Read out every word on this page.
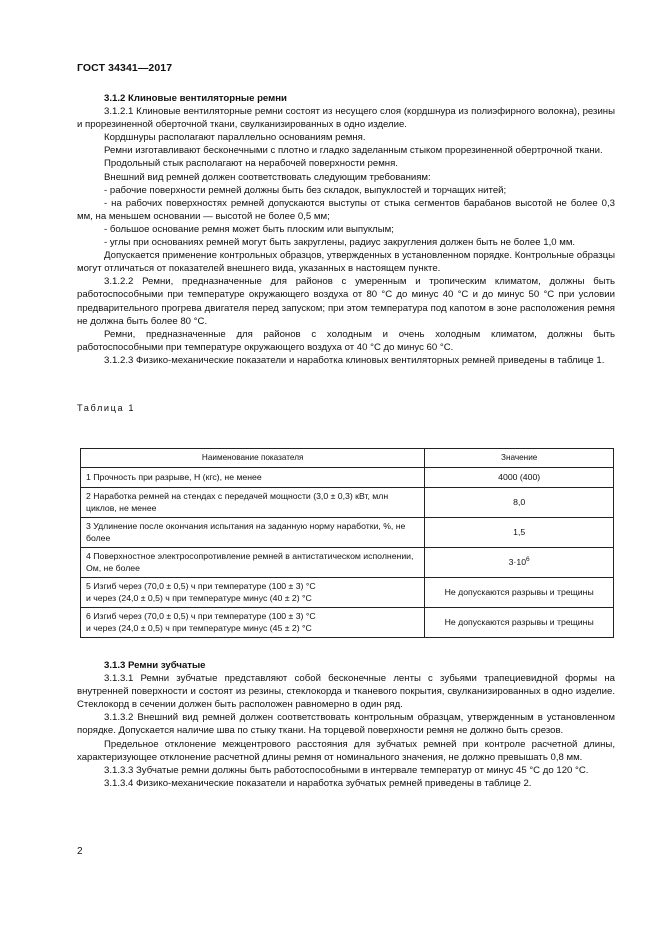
ГОСТ 34341—2017

3.1.2 Клиновые вентиляторные ремни

3.1.2.1 Клиновые вентиляторные ремни состоят из несущего слоя (кордшнура из полиэфирного волокна), резины и прорезиненной оберточной ткани, свулканизированных в одно изделие.

Кордшнуры располагают параллельно основаниям ремня.

Ремни изготавливают бесконечными с плотно и гладко заделанным стыком прорезиненной обертрочной ткани.

Продольный стык располагают на нерабочей поверхности ремня.

Внешний вид ремней должен соответствовать следующим требованиям:

- рабочие поверхности ремней должны быть без складок, выпуклостей и торчащих нитей;

- на рабочих поверхностях ремней допускаются выступы от стыка сегментов барабанов высотой не более 0,3 мм, на меньшем основании — высотой не более 0,5 мм;

- большое основание ремня может быть плоским или выпуклым;

- углы при основаниях ремней могут быть закруглены, радиус закругления должен быть не более 1,0 мм.

Допускается применение контрольных образцов, утвержденных в установленном порядке. Контрольные образцы могут отличаться от показателей внешнего вида, указанных в настоящем пункте.

3.1.2.2 Ремни, предназначенные для районов с умеренным и тропическим климатом, должны быть работоспособными при температуре окружающего воздуха от 80 °С до минус 40 °С и до минус 50 °С при условии предварительного прогрева двигателя перед запуском; при этом температура под капотом в зоне расположения ремня не должна быть более 80 °С.

Ремни, предназначенные для районов с холодным и очень холодным климатом, должны быть работоспособными при температуре окружающего воздуха от 40 °С до минус 60 °С.

3.1.2.3 Физико-механические показатели и наработка клиновых вентиляторных ремней приведены в таблице 1.

Таблица 1
Наименование показателя	Значение
1 Прочность при разрыве, Н (кгс), не менее	4000 (400)
2 Наработка ремней на стендах с передачей мощности (3,0 ± 0,3) кВт, млн циклов, не менее	8,0
3 Удлинение после окончания испытания на заданную норму наработки, %, не более	1,5
4 Поверхностное электросопротивление ремней в антистатическом исполнении, Ом, не более	$3\cdot 10^6$
5 Изгиб через (70,0 ± 0,5) ч при температуре (100 ± 3) °С
и через (24,0 ± 0,5) ч при температуре минус (40 ± 2) °С	Не допускаются разрывы и трещины
6 Изгиб через (70,0 ± 0,5) ч при температуре (100 ± 3) °С
и через (24,0 ± 0,5) ч при температуре минус (45 ± 2) °С	Не допускаются разрывы и трещины

3.1.3 Ремни зубчатые

3.1.3.1 Ремни зубчатые представляют собой бесконечные ленты с зубьями трапециевидной формы на внутренней поверхности и состоят из резины, стеклокорда и тканевого покрытия, свулканизированных в одно изделие. Стеклокорд в сечении должен быть расположен равномерно в один ряд.

3.1.3.2 Внешний вид ремней должен соответствовать контрольным образцам, утвержденным в установленном порядке. Допускается наличие шва по стыку ткани. На торцевой поверхности ремня не должно быть срезов.

Предельное отклонение межцентрового расстояния для зубчатых ремней при контроле расчетной длины, характеризующее отклонение расчетной длины ремня от номинального значения, не должно превышать 0,8 мм.

3.1.3.3 Зубчатые ремни должны быть работоспособными в интервале температур от минус 45 °С до 120 °С.

3.1.3.4 Физико-механические показатели и наработка зубчатых ремней приведены в таблице 2.

2
